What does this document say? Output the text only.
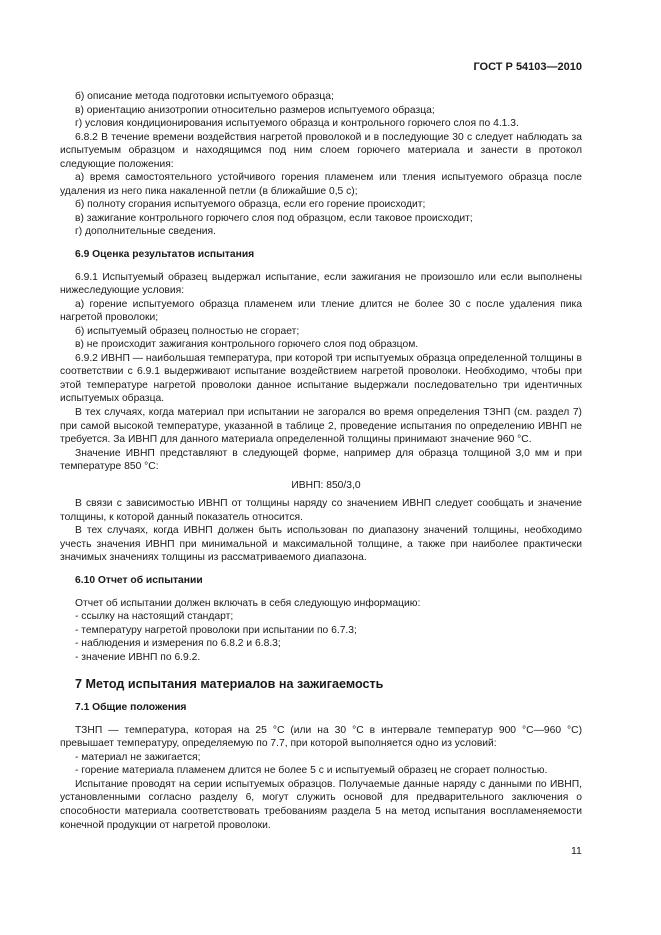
ГОСТ Р 54103—2010

б) описание метода подготовки испытуемого образца;

в) ориентацию анизотропии относительно размеров испытуемого образца;

г) условия кондиционирования испытуемого образца и контрольного горючего слоя по 4.1.3.

6.8.2 В течение времени воздействия нагретой проволокой и в последующие 30 с следует наблюдать за испытуемым образцом и находящимся под ним слоем горючего материала и занести в протокол следующие положения:

а) время самостоятельного устойчивого горения пламенем или тления испытуемого образца после удаления из него пика накаленной петли (в ближайшие 0,5 с);

б) полноту сгорания испытуемого образца, если его горение происходит;

в) зажигание контрольного горючего слоя под образцом, если таковое происходит;

г) дополнительные сведения.

6.9 Оценка результатов испытания

6.9.1 Испытуемый образец выдержал испытание, если зажигания не произошло или если выполнены нижеследующие условия:

а) горение испытуемого образца пламенем или тление длится не более 30 с после удаления пика нагретой проволоки;

б) испытуемый образец полностью не сгорает;

в) не происходит зажигания контрольного горючего слоя под образцом.

6.9.2 ИВНП — наибольшая температура, при которой три испытуемых образца определенной толщины в соответствии с 6.9.1 выдерживают испытание воздействием нагретой проволоки. Необходимо, чтобы при этой температуре нагретой проволоки данное испытание выдержали последовательно три идентичных испытуемых образца.

В тех случаях, когда материал при испытании не загорался во время определения ТЗНП (см. раздел 7) при самой высокой температуре, указанной в таблице 2, проведение испытания по определению ИВНП не требуется. За ИВНП для данного материала определенной толщины принимают значение 960 °С.

Значение ИВНП представляют в следующей форме, например для образца толщиной 3,0 мм и при температуре 850 °С:

ИВНП: 850/3,0

В связи с зависимостью ИВНП от толщины наряду со значением ИВНП следует сообщать и значение толщины, к которой данный показатель относится.

В тех случаях, когда ИВНП должен быть использован по диапазону значений толщины, необходимо учесть значения ИВНП при минимальной и максимальной толщине, а также при наиболее практически значимых значениях толщины из рассматриваемого диапазона.

6.10 Отчет об испытании

Отчет об испытании должен включать в себя следующую информацию:

- ссылку на настоящий стандарт;
- температуру нагретой проволоки при испытании по 6.7.3;
- наблюдения и измерения по 6.8.2 и 6.8.3;
- значение ИВНП по 6.9.2.
7 Метод испытания материалов на зажигаемость
7.1 Общие положения

ТЗНП — температура, которая на 25 °С (или на 30 °С в интервале температур 900 °С—960 °С) превышает температуру, определяемую по 7.7, при которой выполняется одно из условий:

- материал не зажигается;
- горение материала пламенем длится не более 5 с и испытуемый образец не сгорает полностью.

Испытание проводят на серии испытуемых образцов. Получаемые данные наряду с данными по ИВНП, установленными согласно разделу 6, могут служить основой для предварительного заключения о способности материала соответствовать требованиям раздела 5 на метод испытания воспламеняемости конечной продукции от нагретой проволоки.

11
